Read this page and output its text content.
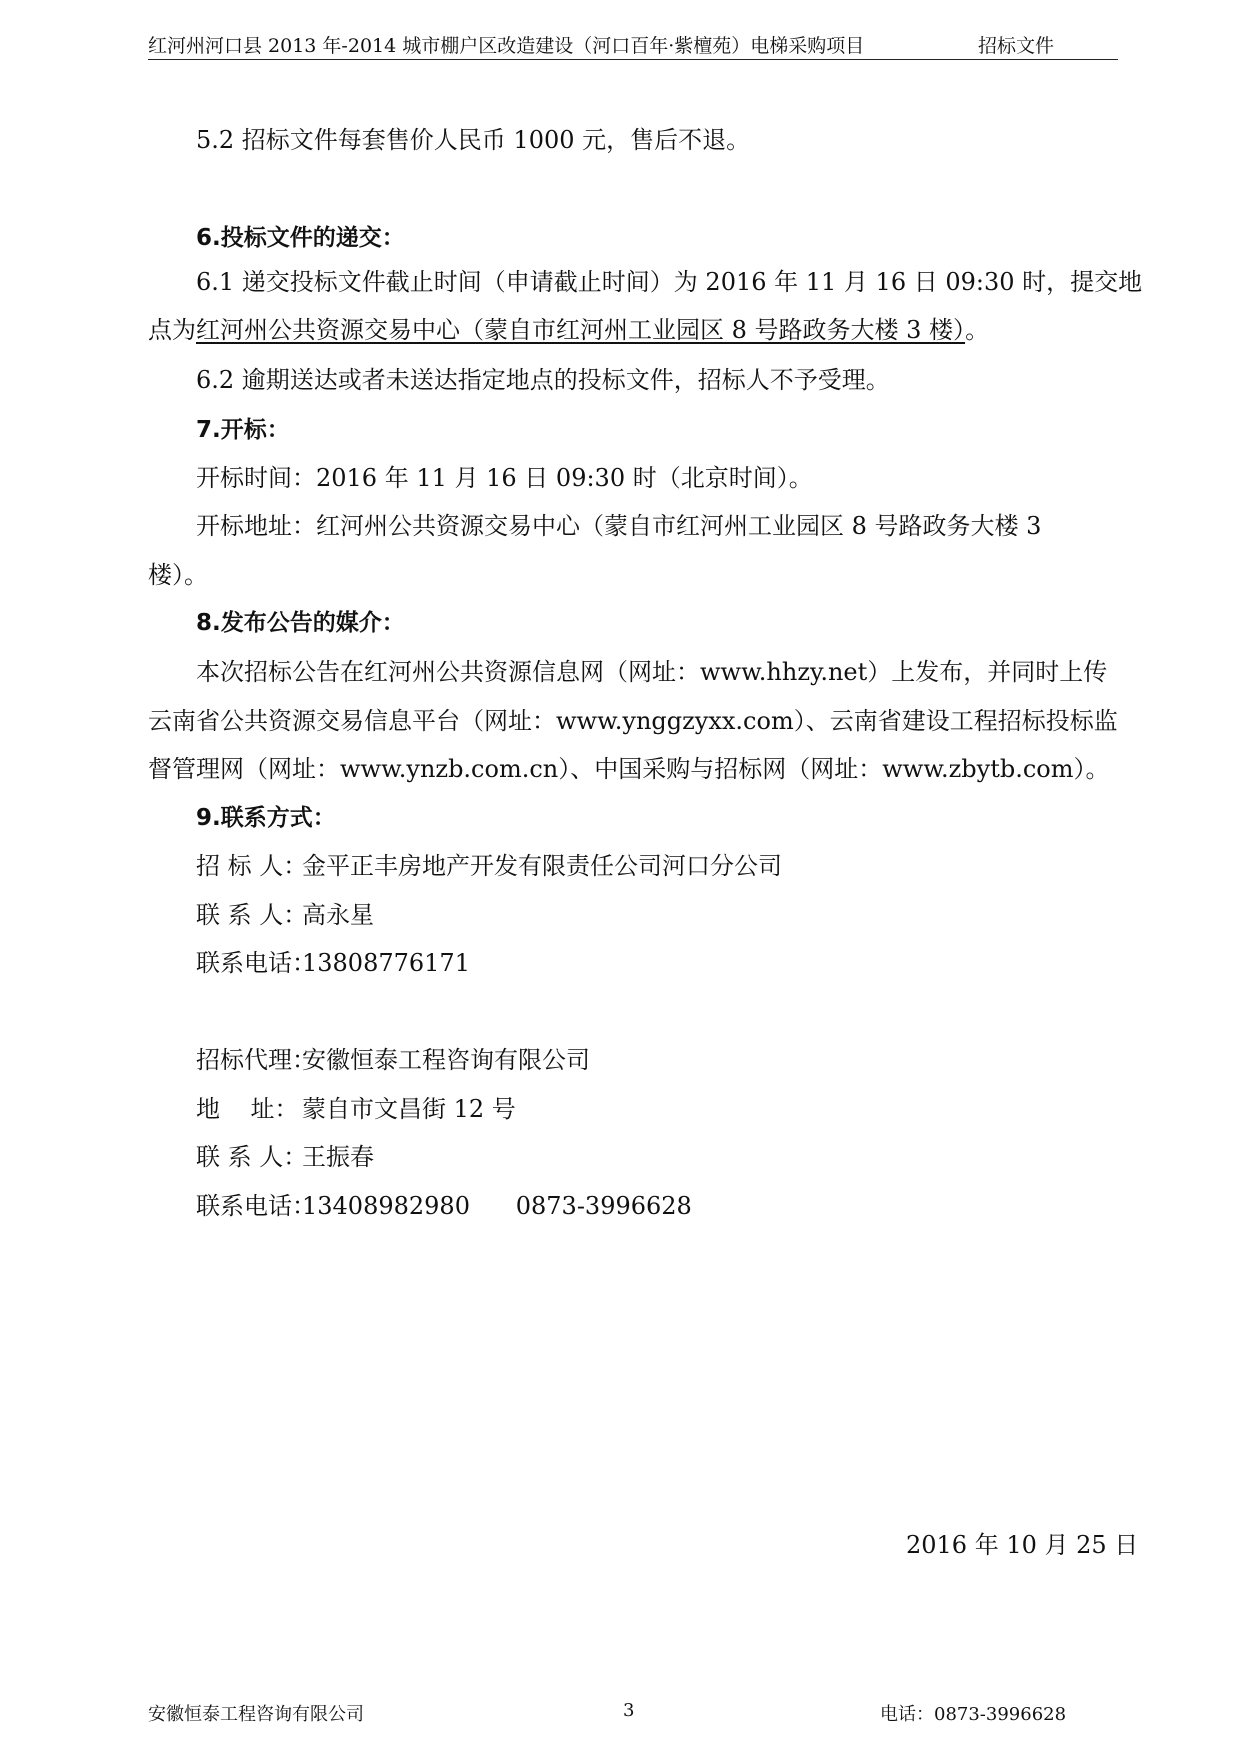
红河州河口县 2013 年-2014 城市棚户区改造建设（河口百年·紫檀苑）电梯采购项目	招标文件
5.2 招标文件每套售价人民币 1000 元，售后不退。
6.投标文件的递交：
6.1 递交投标文件截止时间（申请截止时间）为 2016 年 11 月 16 日 09:30 时，提交地
点为红河州公共资源交易中心（蒙自市红河州工业园区 8 号路政务大楼 3 楼）。
6.2 逾期送达或者未送达指定地点的投标文件，招标人不予受理。
7.开标：
开标时间：2016 年 11 月 16 日 09:30 时（北京时间）。
开标地址：红河州公共资源交易中心（蒙自市红河州工业园区 8 号路政务大楼 3
楼）。
8.发布公告的媒介：
本次招标公告在红河州公共资源信息网（网址：www.hhzy.net）上发布，并同时上传
云南省公共资源交易信息平台（网址：www.ynggzyxx.com）、云南省建设工程招标投标监
督管理网（网址：www.ynzb.com.cn）、中国采购与招标网（网址：www.zbytb.com）。
9.联系方式：
招 标 人：金平正丰房地产开发有限责任公司河口分公司
联 系 人：高永星
联系电话：13808776171
招标代理：安徽恒泰工程咨询有限公司
地    址： 蒙自市文昌街 12 号
联 系 人：王振春
联系电话：13408982980      0873-3996628
2016 年 10 月 25 日
安徽恒泰工程咨询有限公司	3	电话：0873-3996628
